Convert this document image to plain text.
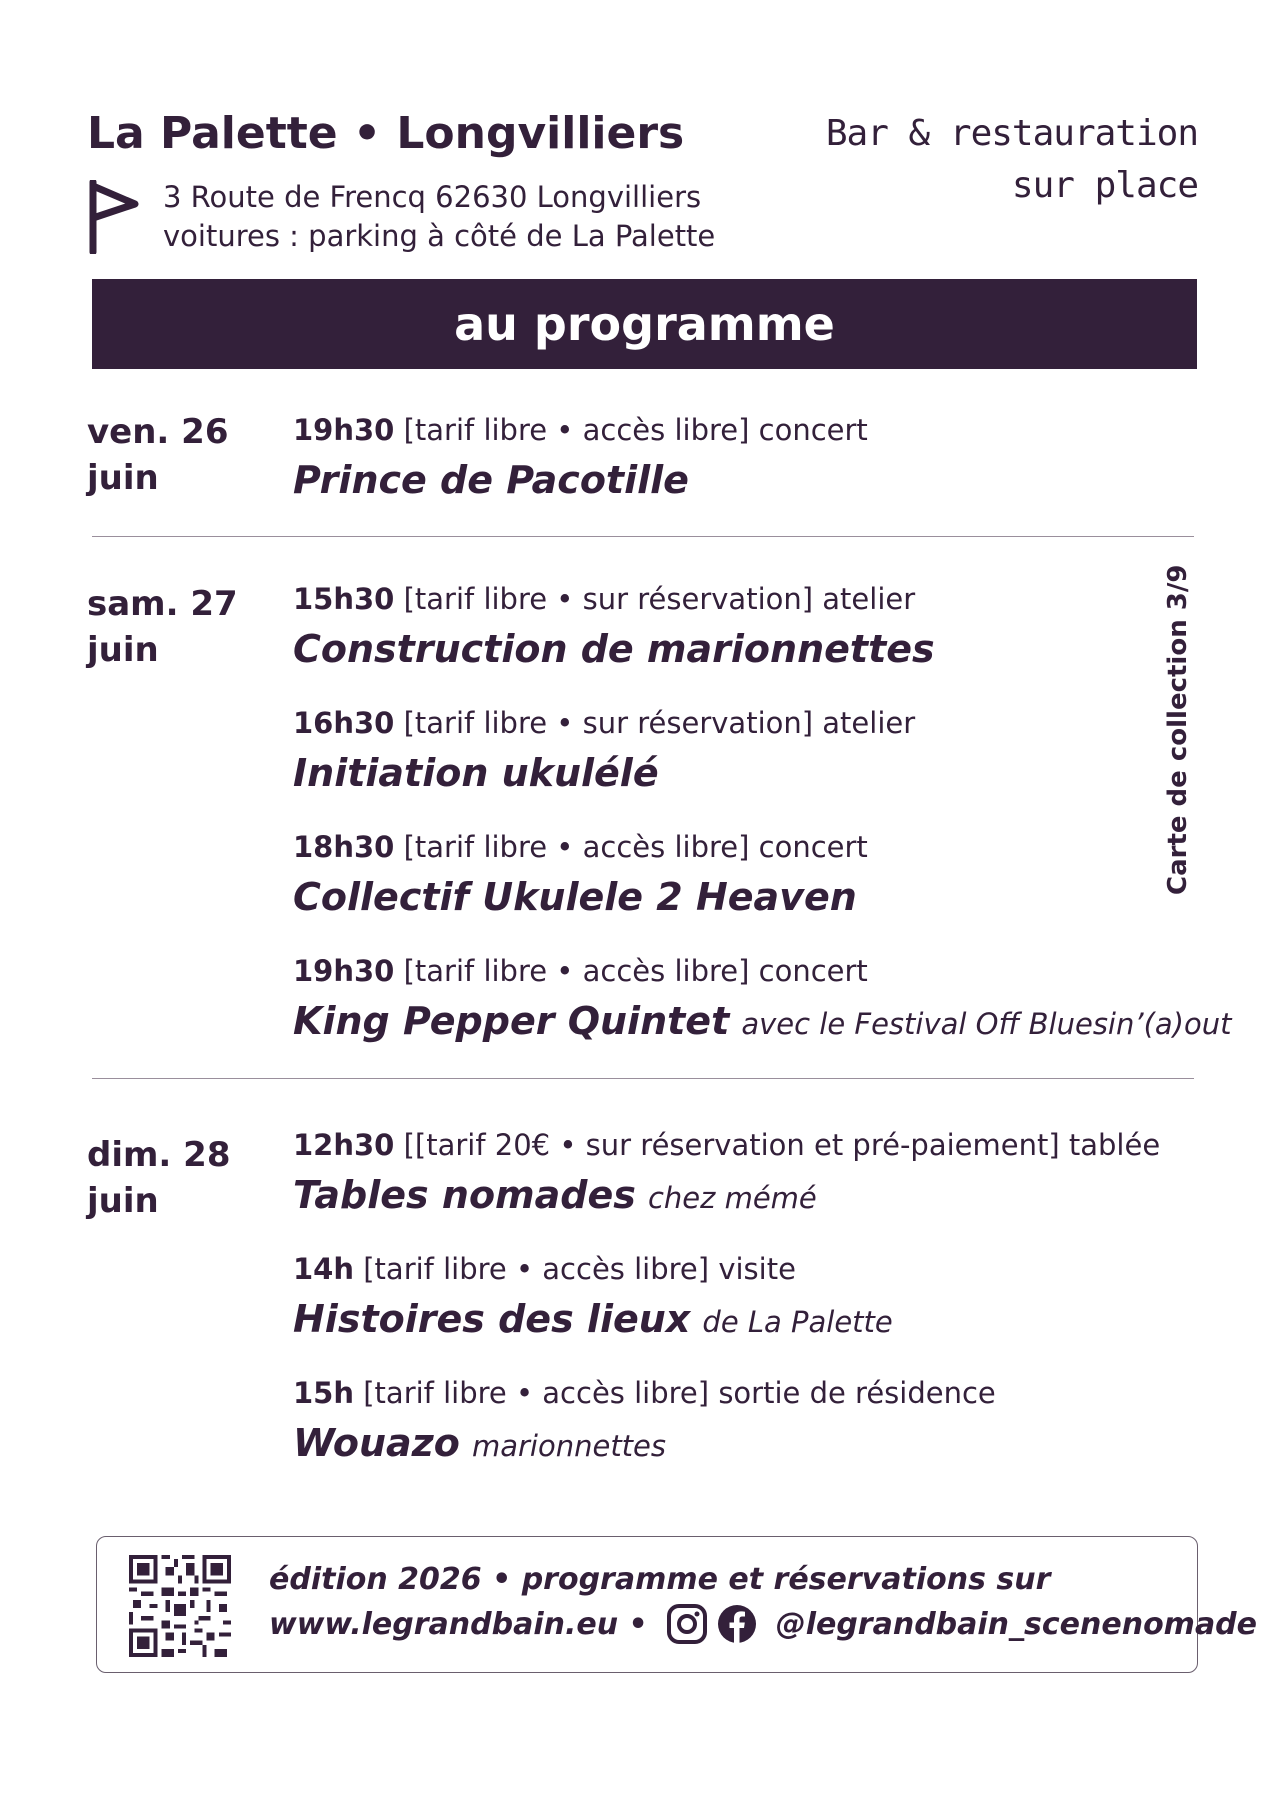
La Palette • Longvilliers
3 Route de Frencq 62630 Longvilliers
voitures : parking à côté de La Palette
Bar & restauration
sur place
au programme
ven. 26
juin
19h30 [tarif libre • accès libre] concert
Prince de Pacotille
sam. 27
juin
15h30 [tarif libre • sur réservation] atelier
Construction de marionnettes
16h30 [tarif libre • sur réservation] atelier
Initiation ukulélé
18h30 [tarif libre • accès libre] concert
Collectif Ukulele 2 Heaven
19h30 [tarif libre • accès libre] concert
King Pepper Quintet avec le Festival Off Bluesin’(a)out
Carte de collection 3/9
dim. 28
juin
12h30 [[tarif 20€ • sur réservation et pré-paiement] tablée
Tables nomades chez mémé
14h [tarif libre • accès libre] visite
Histoires des lieux de La Palette
15h [tarif libre • accès libre] sortie de résidence
Wouazo marionnettes
édition 2026 • programme et réservations sur
www.legrandbain.eu •	@legrandbain_scenenomade
